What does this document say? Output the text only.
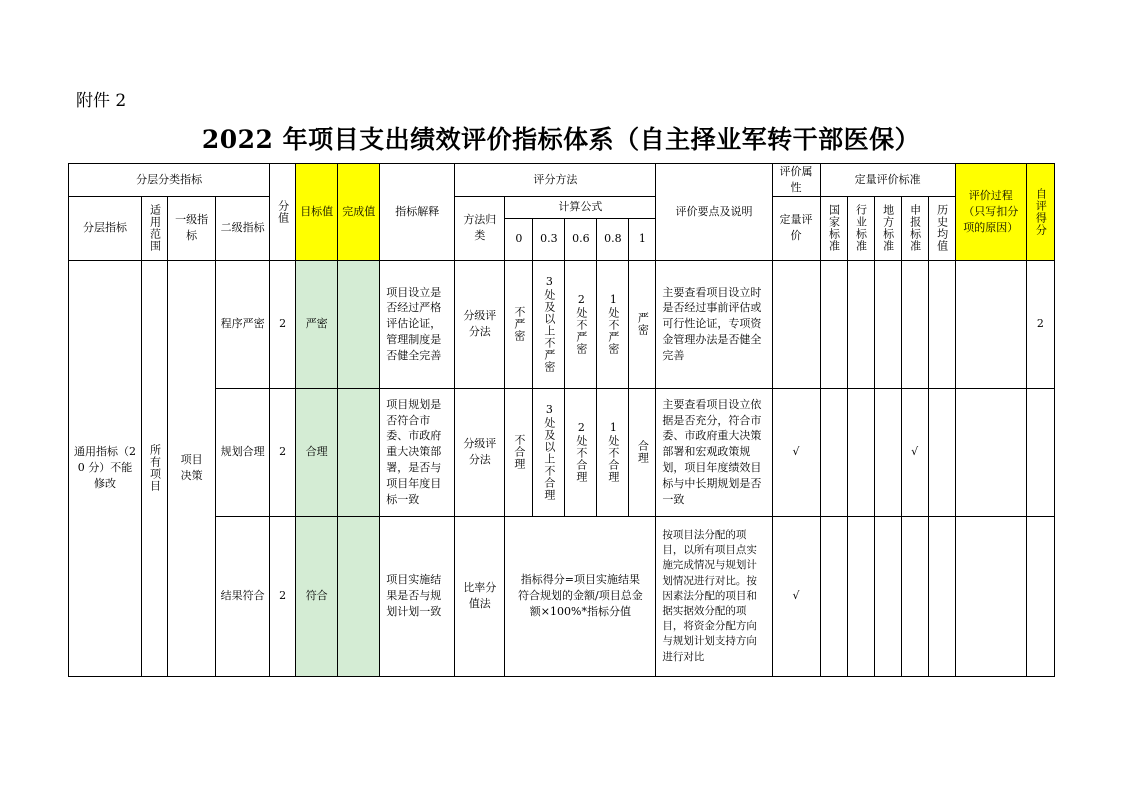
附件 2
2022 年项目支出绩效评价指标体系（自主择业军转干部医保）
分层分类指标				分值	目标值	完成值	指标解释	评分方法						评价要点及说明	评价属性	定量评价标准					评价过程（只写扣分项的原因）	自评得分

分层指标	适用范围	一级指标	二级指标					方法归类	计算公式						定量评价	国家标准	行业标准	地方标准	申报标准	历史均值		

									0	0.3	0.6	0.8	1									

通用指标（20 分）不能修改	所有项目	项目决策	程序严密	2	严密		项目设立是否经过严格评估论证，管理制度是否健全完善	分级评分法	不严密	3处及以上不严密	2处不严密	1处不严密	严密	主要查看项目设立时是否经过事前评估或可行性论证，专项资金管理办法是否健全完善								2

			规划合理	2	合理		项目规划是否符合市委、市政府重大决策部署，是否与项目年度目标一致	分级评分法	不合理	3处及以上不合理	2处不合理	1处不合理	合理	主要查看项目设立依据是否充分，符合市委、市政府重大决策部署和宏观政策规划，项目年度绩效目标与中长期规划是否一致	√				√			

			结果符合	2	符合		项目实施结果是否与规划计划一致	比率分值法	指标得分=项目实施结果符合规划的金额/项目总金额×100%*指标分值					按项目法分配的项目，以所有项目点实施完成情况与规划计划情况进行对比。按因素法分配的项目和据实据效分配的项目，将资金分配方向与规划计划支持方向进行对比	√							
